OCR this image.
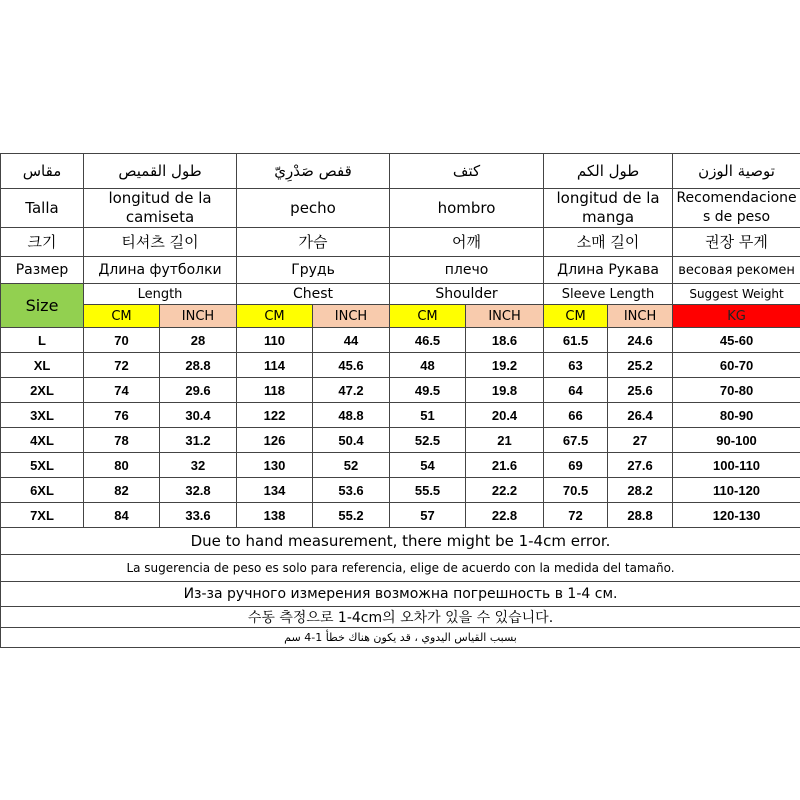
مقاس	طول القميص		قفص صَدْرِيّ		كتف		طول الكم		توصية الوزن
Talla	longitud de la camiseta		pecho		hombro		longitud de la manga		Recomendaciones de peso
크기	티셔츠 길이		가슴		어깨		소매 길이		권장 무게
Размер	Длина футболки		Грудь		плечо		Длина Рукава		весовая рекомен
Size	Length		Chest		Shoulder		Sleeve Length		Suggest Weight
	CM	INCH	CM	INCH	CM	INCH	CM	INCH	KG
L	70	28	110	44	46.5	18.6	61.5	24.6	45-60
XL	72	28.8	114	45.6	48	19.2	63	25.2	60-70
2XL	74	29.6	118	47.2	49.5	19.8	64	25.6	70-80
3XL	76	30.4	122	48.8	51	20.4	66	26.4	80-90
4XL	78	31.2	126	50.4	52.5	21	67.5	27	90-100
5XL	80	32	130	52	54	21.6	69	27.6	100-110
6XL	82	32.8	134	53.6	55.5	22.2	70.5	28.2	110-120
7XL	84	33.6	138	55.2	57	22.8	72	28.8	120-130
Due to hand measurement, there might be 1-4cm error.									
La sugerencia de peso es solo para referencia, elige de acuerdo con la medida del tamaño.									
Из-за ручного измерения возможна погрешность в 1-4 см.									
수동 측정으로 1-4cm의 오차가 있을 수 있습니다.									
بسبب القياس اليدوي ، قد يكون هناك خطأ 1-4 سم									
